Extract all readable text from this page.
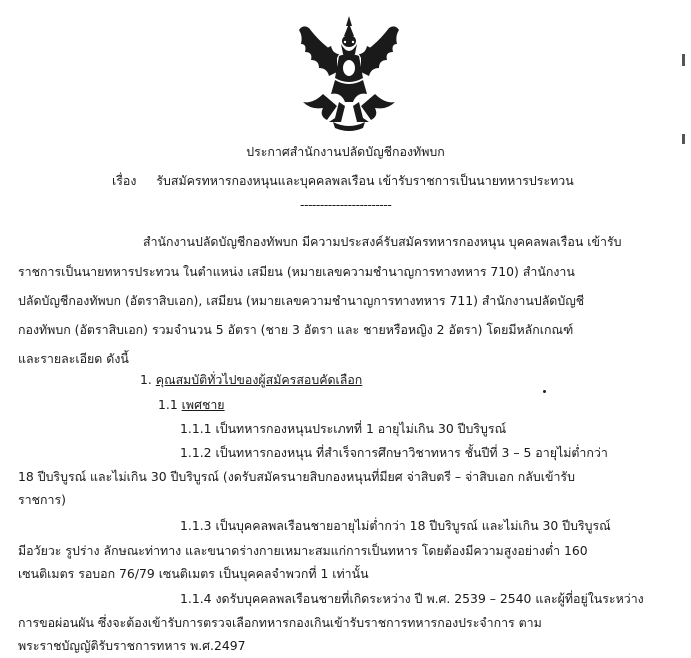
ประกาศสำนักงานปลัดบัญชีกองทัพบก
เรื่อง รับสมัครทหารกองหนุนและบุคคลพลเรือน เข้ารับราชการเป็นนายทหารประทวน
-----------------------
สำนักงานปลัดบัญชีกองทัพบก มีความประสงค์รับสมัครทหารกองหนุน บุคคลพลเรือน เข้ารับ
ราชการเป็นนายทหารประทวน ในตำแหน่ง เสมียน (หมายเลขความชำนาญการทางทหาร 710) สำนักงาน
ปลัดบัญชีกองทัพบก (อัตราสิบเอก), เสมียน (หมายเลขความชำนาญการทางทหาร 711) สำนักงานปลัดบัญชี
กองทัพบก (อัตราสิบเอก) รวมจำนวน 5 อัตรา (ชาย 3 อัตรา และ ชายหรือหญิง 2 อัตรา) โดยมีหลักเกณฑ์
และรายละเอียด ดังนี้
1. คุณสมบัติทั่วไปของผู้สมัครสอบคัดเลือก
1.1 เพศชาย
1.1.1 เป็นทหารกองหนุนประเภทที่ 1 อายุไม่เกิน 30 ปีบริบูรณ์
1.1.2 เป็นทหารกองหนุน ที่สำเร็จการศึกษาวิชาทหาร ชั้นปีที่ 3 – 5 อายุไม่ต่ำกว่า
18 ปีบริบูรณ์ และไม่เกิน 30 ปีบริบูรณ์ (งดรับสมัครนายสิบกองหนุนที่มียศ จ่าสิบตรี – จ่าสิบเอก กลับเข้ารับ
ราชการ)
1.1.3 เป็นบุคคลพลเรือนชายอายุไม่ต่ำกว่า 18 ปีบริบูรณ์ และไม่เกิน 30 ปีบริบูรณ์
มีอวัยวะ รูปร่าง ลักษณะท่าทาง และขนาดร่างกายเหมาะสมแก่การเป็นทหาร โดยต้องมีความสูงอย่างต่ำ 160
เซนติเมตร รอบอก 76/79 เซนติเมตร เป็นบุคคลจำพวกที่ 1 เท่านั้น
1.1.4 งดรับบุคคลพลเรือนชายที่เกิดระหว่าง ปี พ.ศ. 2539 – 2540 และผู้ที่อยู่ในระหว่าง
การขอผ่อนผัน ซึ่งจะต้องเข้ารับการตรวจเลือกทหารกองเกินเข้ารับราชการทหารกองประจำการ ตาม
พระราชบัญญัติรับราชการทหาร พ.ศ.2497
